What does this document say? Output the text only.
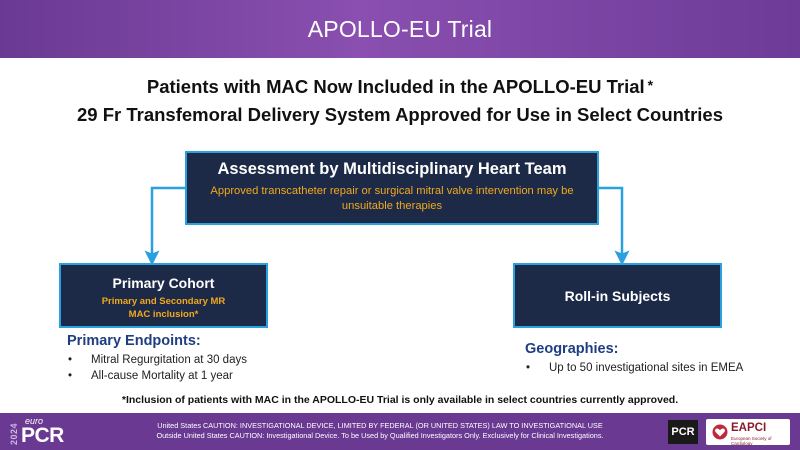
APOLLO-EU Trial
Patients with MAC Now Included in the APOLLO-EU Trial *
29 Fr Transfemoral Delivery System Approved for Use in Select Countries
Assessment by Multidisciplinary Heart Team
Approved transcatheter repair or surgical mitral valve intervention may be unsuitable therapies
Primary Cohort
Primary and Secondary MR
MAC inclusion*
Roll-in Subjects
Primary Endpoints:
•	Mitral Regurgitation at 30 days
•	All-cause Mortality at 1 year
Geographies:
•	Up to 50 investigational sites in EMEA
*Inclusion of patients with MAC in the APOLLO-EU Trial is only available in select countries currently approved.
2024
euro
PCR	United States CAUTION: INVESTIGATIONAL DEVICE, LIMITED BY FEDERAL (OR UNITED STATES) LAW TO INVESTIGATIONAL USE
Outside United States CAUTION: Investigational Device. To be Used by Qualified Investigators Only. Exclusively for Clinical Investigations.	PCR	EAPCI
European Society of Cardiology
